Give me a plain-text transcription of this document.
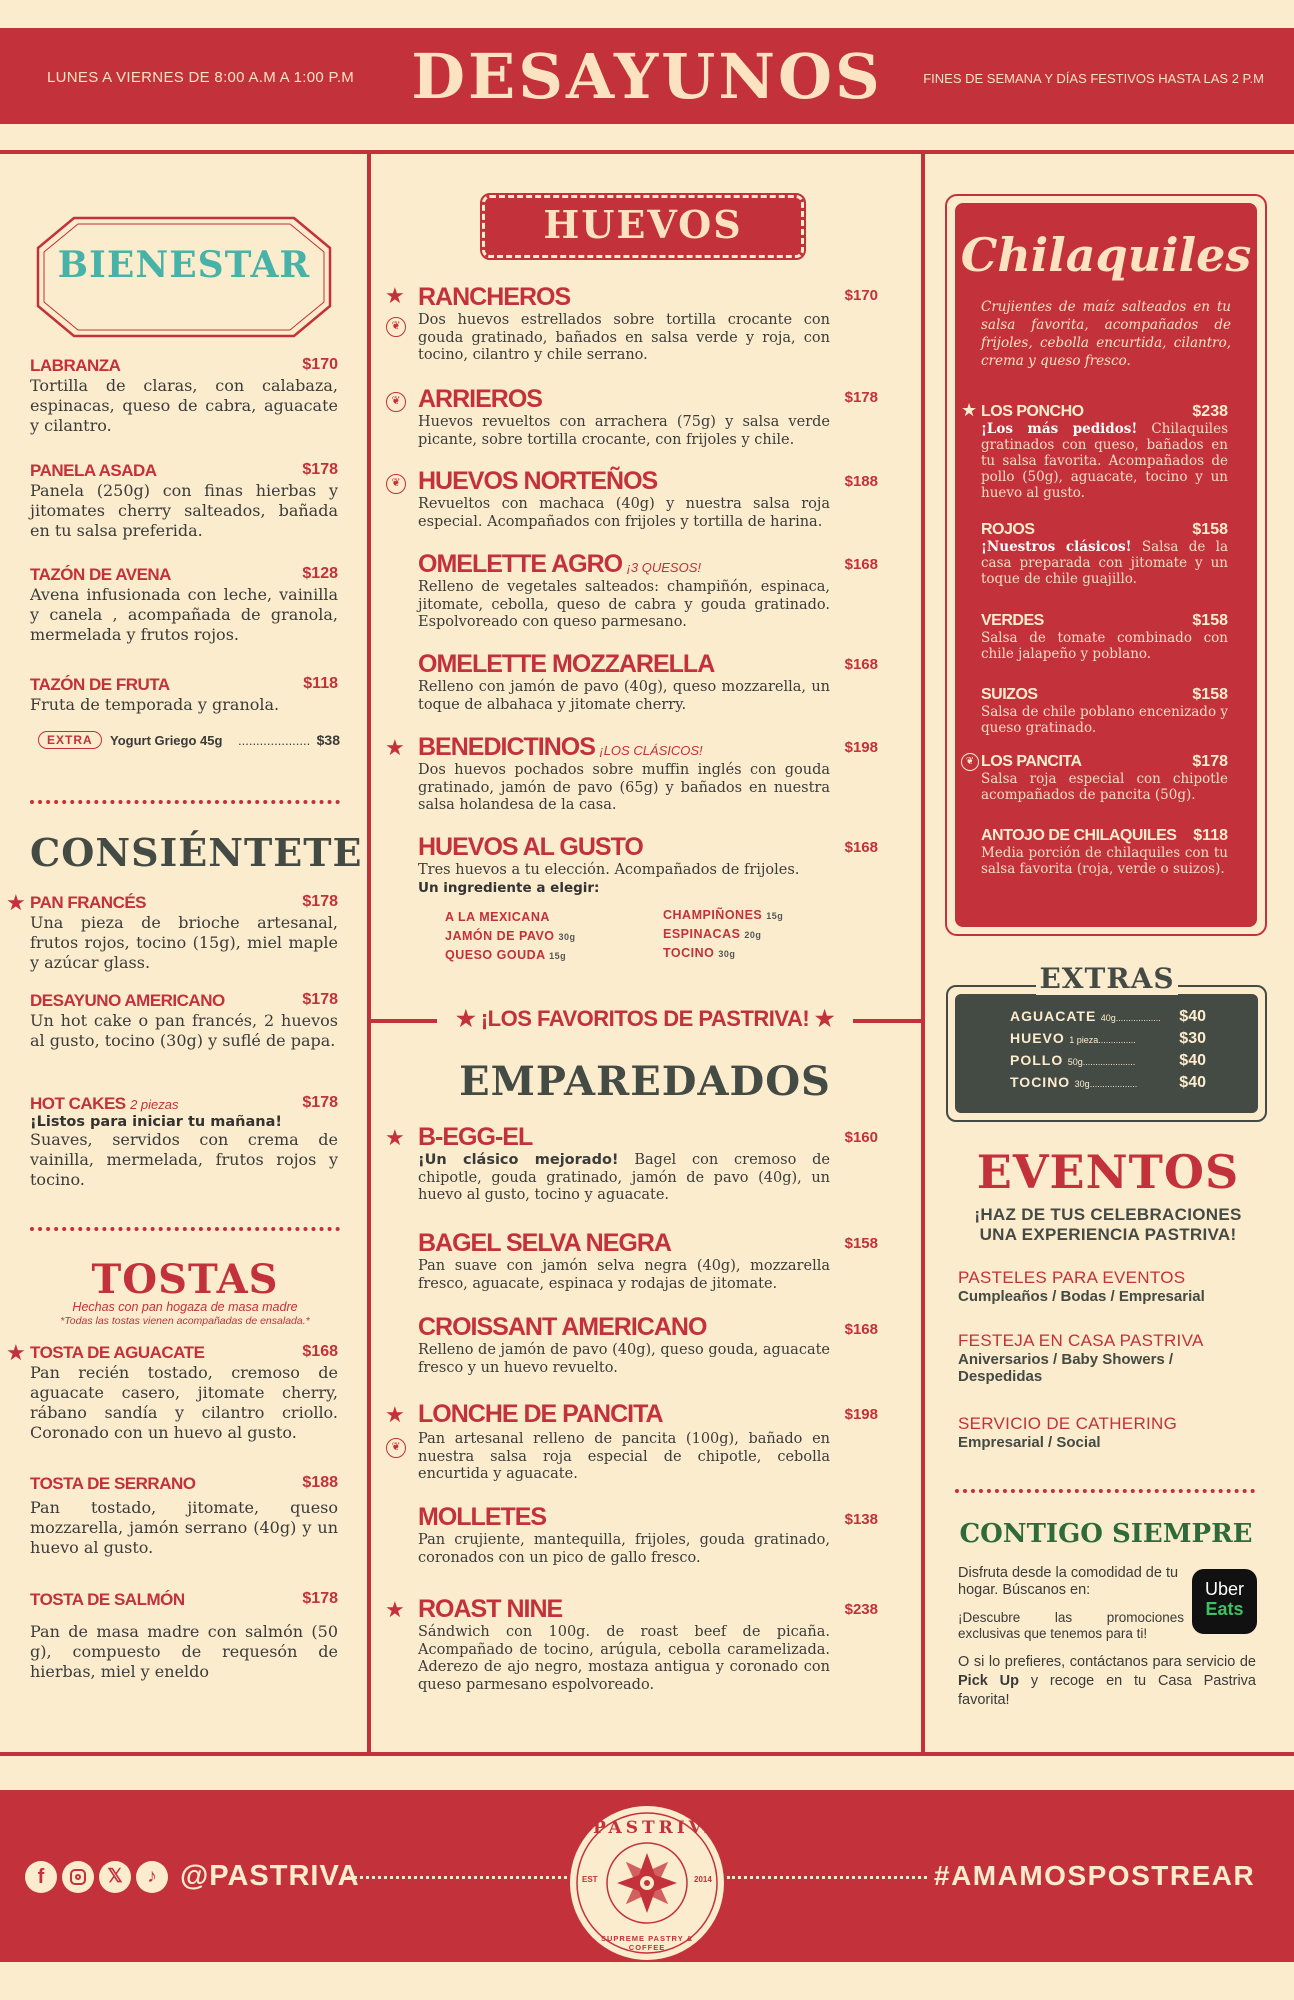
LUNES A VIERNES DE 8:00 A.M A 1:00 P.M DESAYUNOS	FINES DE SEMANA Y DÍAS FESTIVOS HASTA LAS 2 P.M
BIENESTAR
LABRANZA	$170
Tortilla de claras, con calabaza, espinacas, queso de cabra, aguacate y cilantro.
PANELA ASADA	$178
Panela (250g) con finas hierbas y jitomates cherry salteados, bañada en tu salsa preferida.
TAZÓN DE AVENA	$128
Avena infusionada con leche, vainilla y canela , acompañada de granola, mermelada y frutos rojos.
TAZÓN DE FRUTA	$118
Fruta de temporada y granola.
EXTRA	Yogurt Griego 45g .................... $38
CONSIÉNTETE
★ PAN FRANCÉS	$178
Una pieza de brioche artesanal, frutos rojos, tocino (15g), miel maple y azúcar glass.
DESAYUNO AMERICANO	$178
Un hot cake o pan francés, 2 huevos al gusto, tocino (30g) y suflé de papa.
HOT CAKES 2 piezas	$178
¡Listos para iniciar tu mañana!
Suaves, servidos con crema de vainilla, mermelada, frutos rojos y tocino.
TOSTAS
Hechas con pan hogaza de masa madre
*Todas las tostas vienen acompañadas de ensalada.*
★ TOSTA DE AGUACATE	$168
Pan recién tostado, cremoso de aguacate casero, jitomate cherry, rábano sandía y cilantro criollo. Coronado con un huevo al gusto.
TOSTA DE SERRANO	$188
Pan tostado, jitomate, queso mozzarella, jamón serrano (40g) y un huevo al gusto.
TOSTA DE SALMÓN	$178
Pan de masa madre con salmón (50 g), compuesto de requesón de hierbas, miel y eneldo
HUEVOS
★
❦
RANCHEROS	$170
Dos huevos estrellados sobre tortilla crocante con gouda gratinado, bañados en salsa verde y roja, con tocino, cilantro y chile serrano.
❦ ARRIEROS	$178
Huevos revueltos con arrachera (75g) y salsa verde picante, sobre tortilla crocante, con frijoles y chile.
❦ HUEVOS NORTEÑOS	$188
Revueltos con machaca (40g) y nuestra salsa roja especial. Acompañados con frijoles y tortilla de harina.
OMELETTE AGRO ¡3 QUESOS!	$168
Relleno de vegetales salteados: champiñón, espinaca, jitomate, cebolla, queso de cabra y gouda gratinado. Espolvoreado con queso parmesano.
OMELETTE MOZZARELLA	$168
Relleno con jamón de pavo (40g), queso mozzarella, un toque de albahaca y jitomate cherry.
★ BENEDICTINOS ¡LOS CLÁSICOS!	$198
Dos huevos pochados sobre muffin inglés con gouda gratinado, jamón de pavo (65g) y bañados en nuestra salsa holandesa de la casa.
HUEVOS AL GUSTO	$168
Tres huevos a tu elección. Acompañados de frijoles.
Un ingrediente a elegir:
A LA MEXICANA
JAMÓN DE PAVO 30g
QUESO GOUDA 15g
CHAMPIÑONES 15g
ESPINACAS 20g
TOCINO 30g
★ ¡LOS FAVORITOS DE PASTRIVA! ★
EMPAREDADOS
★ B-EGG-EL	$160
¡Un clásico mejorado! Bagel con cremoso de chipotle, gouda gratinado, jamón de pavo (40g), un huevo al gusto, tocino y aguacate.
BAGEL SELVA NEGRA	$158
Pan suave con jamón selva negra (40g), mozzarella fresco, aguacate, espinaca y rodajas de jitomate.
CROISSANT AMERICANO	$168
Relleno de jamón de pavo (40g), queso gouda, aguacate fresco y un huevo revuelto.
★
❦
LONCHE DE PANCITA	$198
Pan artesanal relleno de pancita (100g), bañado en nuestra salsa roja especial de chipotle, cebolla encurtida y aguacate.
MOLLETES	$138
Pan crujiente, mantequilla, frijoles, gouda gratinado, coronados con un pico de gallo fresco.
★ ROAST NINE	$238
Sándwich con 100g. de roast beef de picaña. Acompañado de tocino, arúgula, cebolla caramelizada. Aderezo de ajo negro, mostaza antigua y coronado con queso parmesano espolvoreado.
Chilaquiles
Crujientes de maíz salteados en tu salsa favorita, acompañados de frijoles, cebolla encurtida, cilantro, crema y queso fresco.
★ LOS PONCHO	$238
¡Los más pedidos! Chilaquiles gratinados con queso, bañados en tu salsa favorita. Acompañados de pollo (50g), aguacate, tocino y un huevo al gusto.
ROJOS	$158
¡Nuestros clásicos! Salsa de la casa preparada con jitomate y un toque de chile guajillo.
VERDES	$158
Salsa de tomate combinado con chile jalapeño y poblano.
SUIZOS	$158
Salsa de chile poblano encenizado y queso gratinado.
❦ LOS PANCITA	$178
Salsa roja especial con chipotle acompañados de pancita (50g).
ANTOJO DE CHILAQUILES	$118
Media porción de chilaquiles con tu salsa favorita (roja, verde o suizos).
EXTRAS
AGUACATE 40g.................. $40
HUEVO 1 pieza...............	$30
POLLO 50g.....................	$40
TOCINO 30g...................	$40
EVENTOS
¡HAZ DE TUS CELEBRACIONES UNA EXPERIENCIA PASTRIVA!
PASTELES PARA EVENTOS
Cumpleaños / Bodas / Empresarial
FESTEJA EN CASA PASTRIVA
Aniversarios / Baby Showers / Despedidas
SERVICIO DE CATHERING
Empresarial / Social
CONTIGO SIEMPRE
Disfruta desde la comodidad de tu hogar. Búscanos en:
¡Descubre las promociones exclusivas que tenemos para ti!
Uber
Eats
O si lo prefieres, contáctanos para servicio de Pick Up y recoge en tu Casa Pastriva favorita!
f	𝕏	♪ @PASTRIVA	#AMAMOSPOSTREAR
PASTRIVA
EST	2014
SUPREME PASTRY & COFFEE
